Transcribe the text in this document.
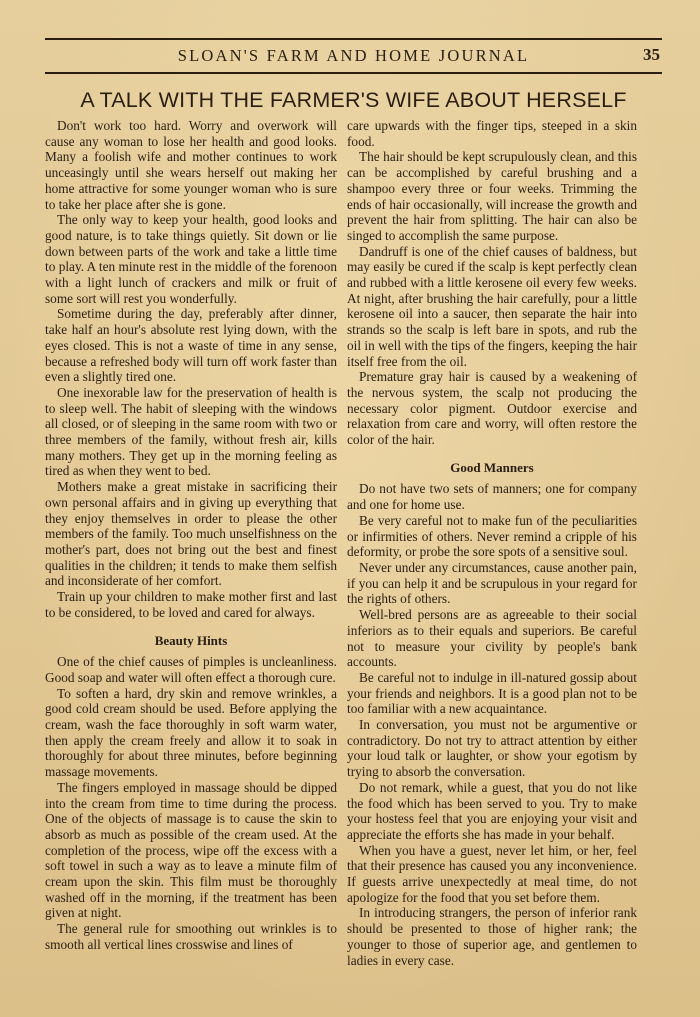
SLOAN'S FARM AND HOME JOURNAL	35
A TALK WITH THE FARMER'S WIFE ABOUT HERSELF

Don't work too hard. Worry and overwork will cause any woman to lose her health and good looks. Many a foolish wife and mother continues to work unceasingly until she wears herself out making her home attractive for some younger woman who is sure to take her place after she is gone.

The only way to keep your health, good looks and good nature, is to take things quietly. Sit down or lie down between parts of the work and take a little time to play. A ten minute rest in the middle of the forenoon with a light lunch of crackers and milk or fruit of some sort will rest you wonderfully.

Sometime during the day, preferably after dinner, take half an hour's absolute rest lying down, with the eyes closed. This is not a waste of time in any sense, because a refreshed body will turn off work faster than even a slightly tired one.

One inexorable law for the preservation of health is to sleep well. The habit of sleeping with the windows all closed, or of sleeping in the same room with two or three members of the family, without fresh air, kills many mothers. They get up in the morning feeling as tired as when they went to bed.

Mothers make a great mistake in sacrificing their own personal affairs and in giving up everything that they enjoy themselves in order to please the other members of the family. Too much unselfishness on the mother's part, does not bring out the best and finest qualities in the children; it tends to make them selfish and inconsiderate of her comfort.

Train up your children to make mother first and last to be considered, to be loved and cared for always.

Beauty Hints

One of the chief causes of pimples is uncleanliness. Good soap and water will often effect a thorough cure.

To soften a hard, dry skin and remove wrinkles, a good cold cream should be used. Before applying the cream, wash the face thoroughly in soft warm water, then apply the cream freely and allow it to soak in thoroughly for about three minutes, before beginning massage movements.

The fingers employed in massage should be dipped into the cream from time to time during the process. One of the objects of massage is to cause the skin to absorb as much as possible of the cream used. At the completion of the process, wipe off the excess with a soft towel in such a way as to leave a minute film of cream upon the skin. This film must be thoroughly washed off in the morning, if the treatment has been given at night.

The general rule for smoothing out wrinkles is to smooth all vertical lines crosswise and lines of

care upwards with the finger tips, steeped in a skin food.

The hair should be kept scrupulously clean, and this can be accomplished by careful brushing and a shampoo every three or four weeks. Trimming the ends of hair occasionally, will increase the growth and prevent the hair from splitting. The hair can also be singed to accomplish the same purpose.

Dandruff is one of the chief causes of baldness, but may easily be cured if the scalp is kept perfectly clean and rubbed with a little kerosene oil every few weeks. At night, after brushing the hair carefully, pour a little kerosene oil into a saucer, then separate the hair into strands so the scalp is left bare in spots, and rub the oil in well with the tips of the fingers, keeping the hair itself free from the oil.

Premature gray hair is caused by a weakening of the nervous system, the scalp not producing the necessary color pigment. Outdoor exercise and relaxation from care and worry, will often restore the color of the hair.

Good Manners

Do not have two sets of manners; one for company and one for home use.

Be very careful not to make fun of the peculiarities or infirmities of others. Never remind a cripple of his deformity, or probe the sore spots of a sensitive soul.

Never under any circumstances, cause another pain, if you can help it and be scrupulous in your regard for the rights of others.

Well-bred persons are as agreeable to their social inferiors as to their equals and superiors. Be careful not to measure your civility by people's bank accounts.

Be careful not to indulge in ill-natured gossip about your friends and neighbors. It is a good plan not to be too familiar with a new acquaintance.

In conversation, you must not be argumentive or contradictory. Do not try to attract attention by either your loud talk or laughter, or show your egotism by trying to absorb the conversation.

Do not remark, while a guest, that you do not like the food which has been served to you. Try to make your hostess feel that you are enjoying your visit and appreciate the efforts she has made in your behalf.

When you have a guest, never let him, or her, feel that their presence has caused you any inconvenience. If guests arrive unexpectedly at meal time, do not apologize for the food that you set before them.

In introducing strangers, the person of inferior rank should be presented to those of higher rank; the younger to those of superior age, and gentlemen to ladies in every case.
